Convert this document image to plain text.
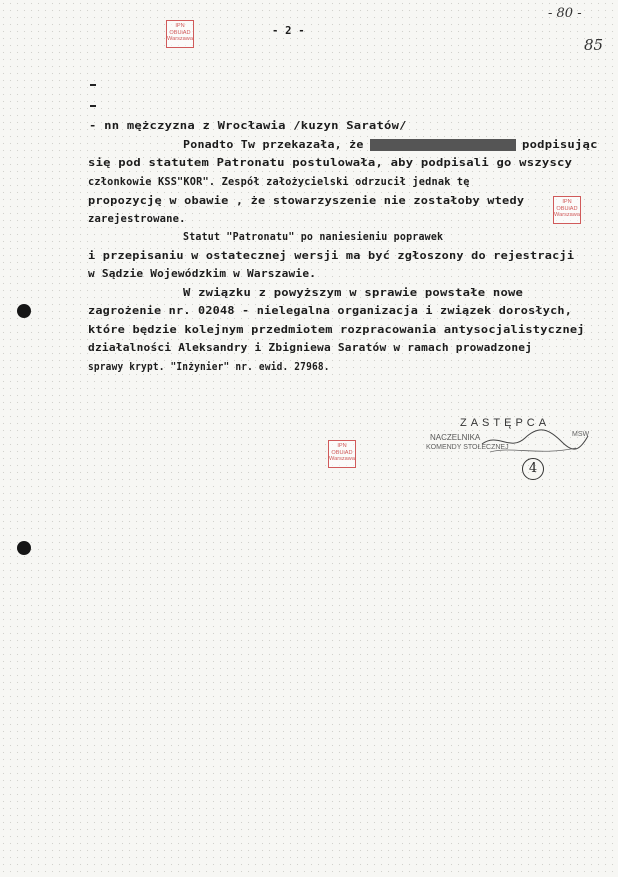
- 80 -
85
- 2 -
IPN
OBUiAD
Warszawa
IPN
OBUiAD
Warszawa
IPN
OBUiAD
Warszawa
- nn mężczyzna z Wrocławia /kuzyn Saratów/
Ponadto Tw przekazała, że	podpisując
się pod statutem Patronatu postulowała, aby podpisali go wszyscy
członkowie KSS"KOR". Zespół założycielski odrzucił jednak tę
propozycję w obawie , że stowarzyszenie nie zostałoby wtedy
zarejestrowane.
Statut "Patronatu" po naniesieniu poprawek
i przepisaniu w ostatecznej wersji ma być zgłoszony do rejestracji
w Sądzie Wojewódzkim w Warszawie.
W związku z powyższym w sprawie powstałe nowe
zagrożenie nr. 02048 - nielegalna organizacja i związek dorosłych,
które będzie kolejnym przedmiotem rozpracowania antysocjalistycznej
działalności Aleksandry i Zbigniewa Saratów w ramach prowadzonej
sprawy krypt. "Inżynier" nr. ewid. 27968.
ZASTĘPCA
NACZELNIKA
KOMENDY STOŁECZNEJ
MSW
4
